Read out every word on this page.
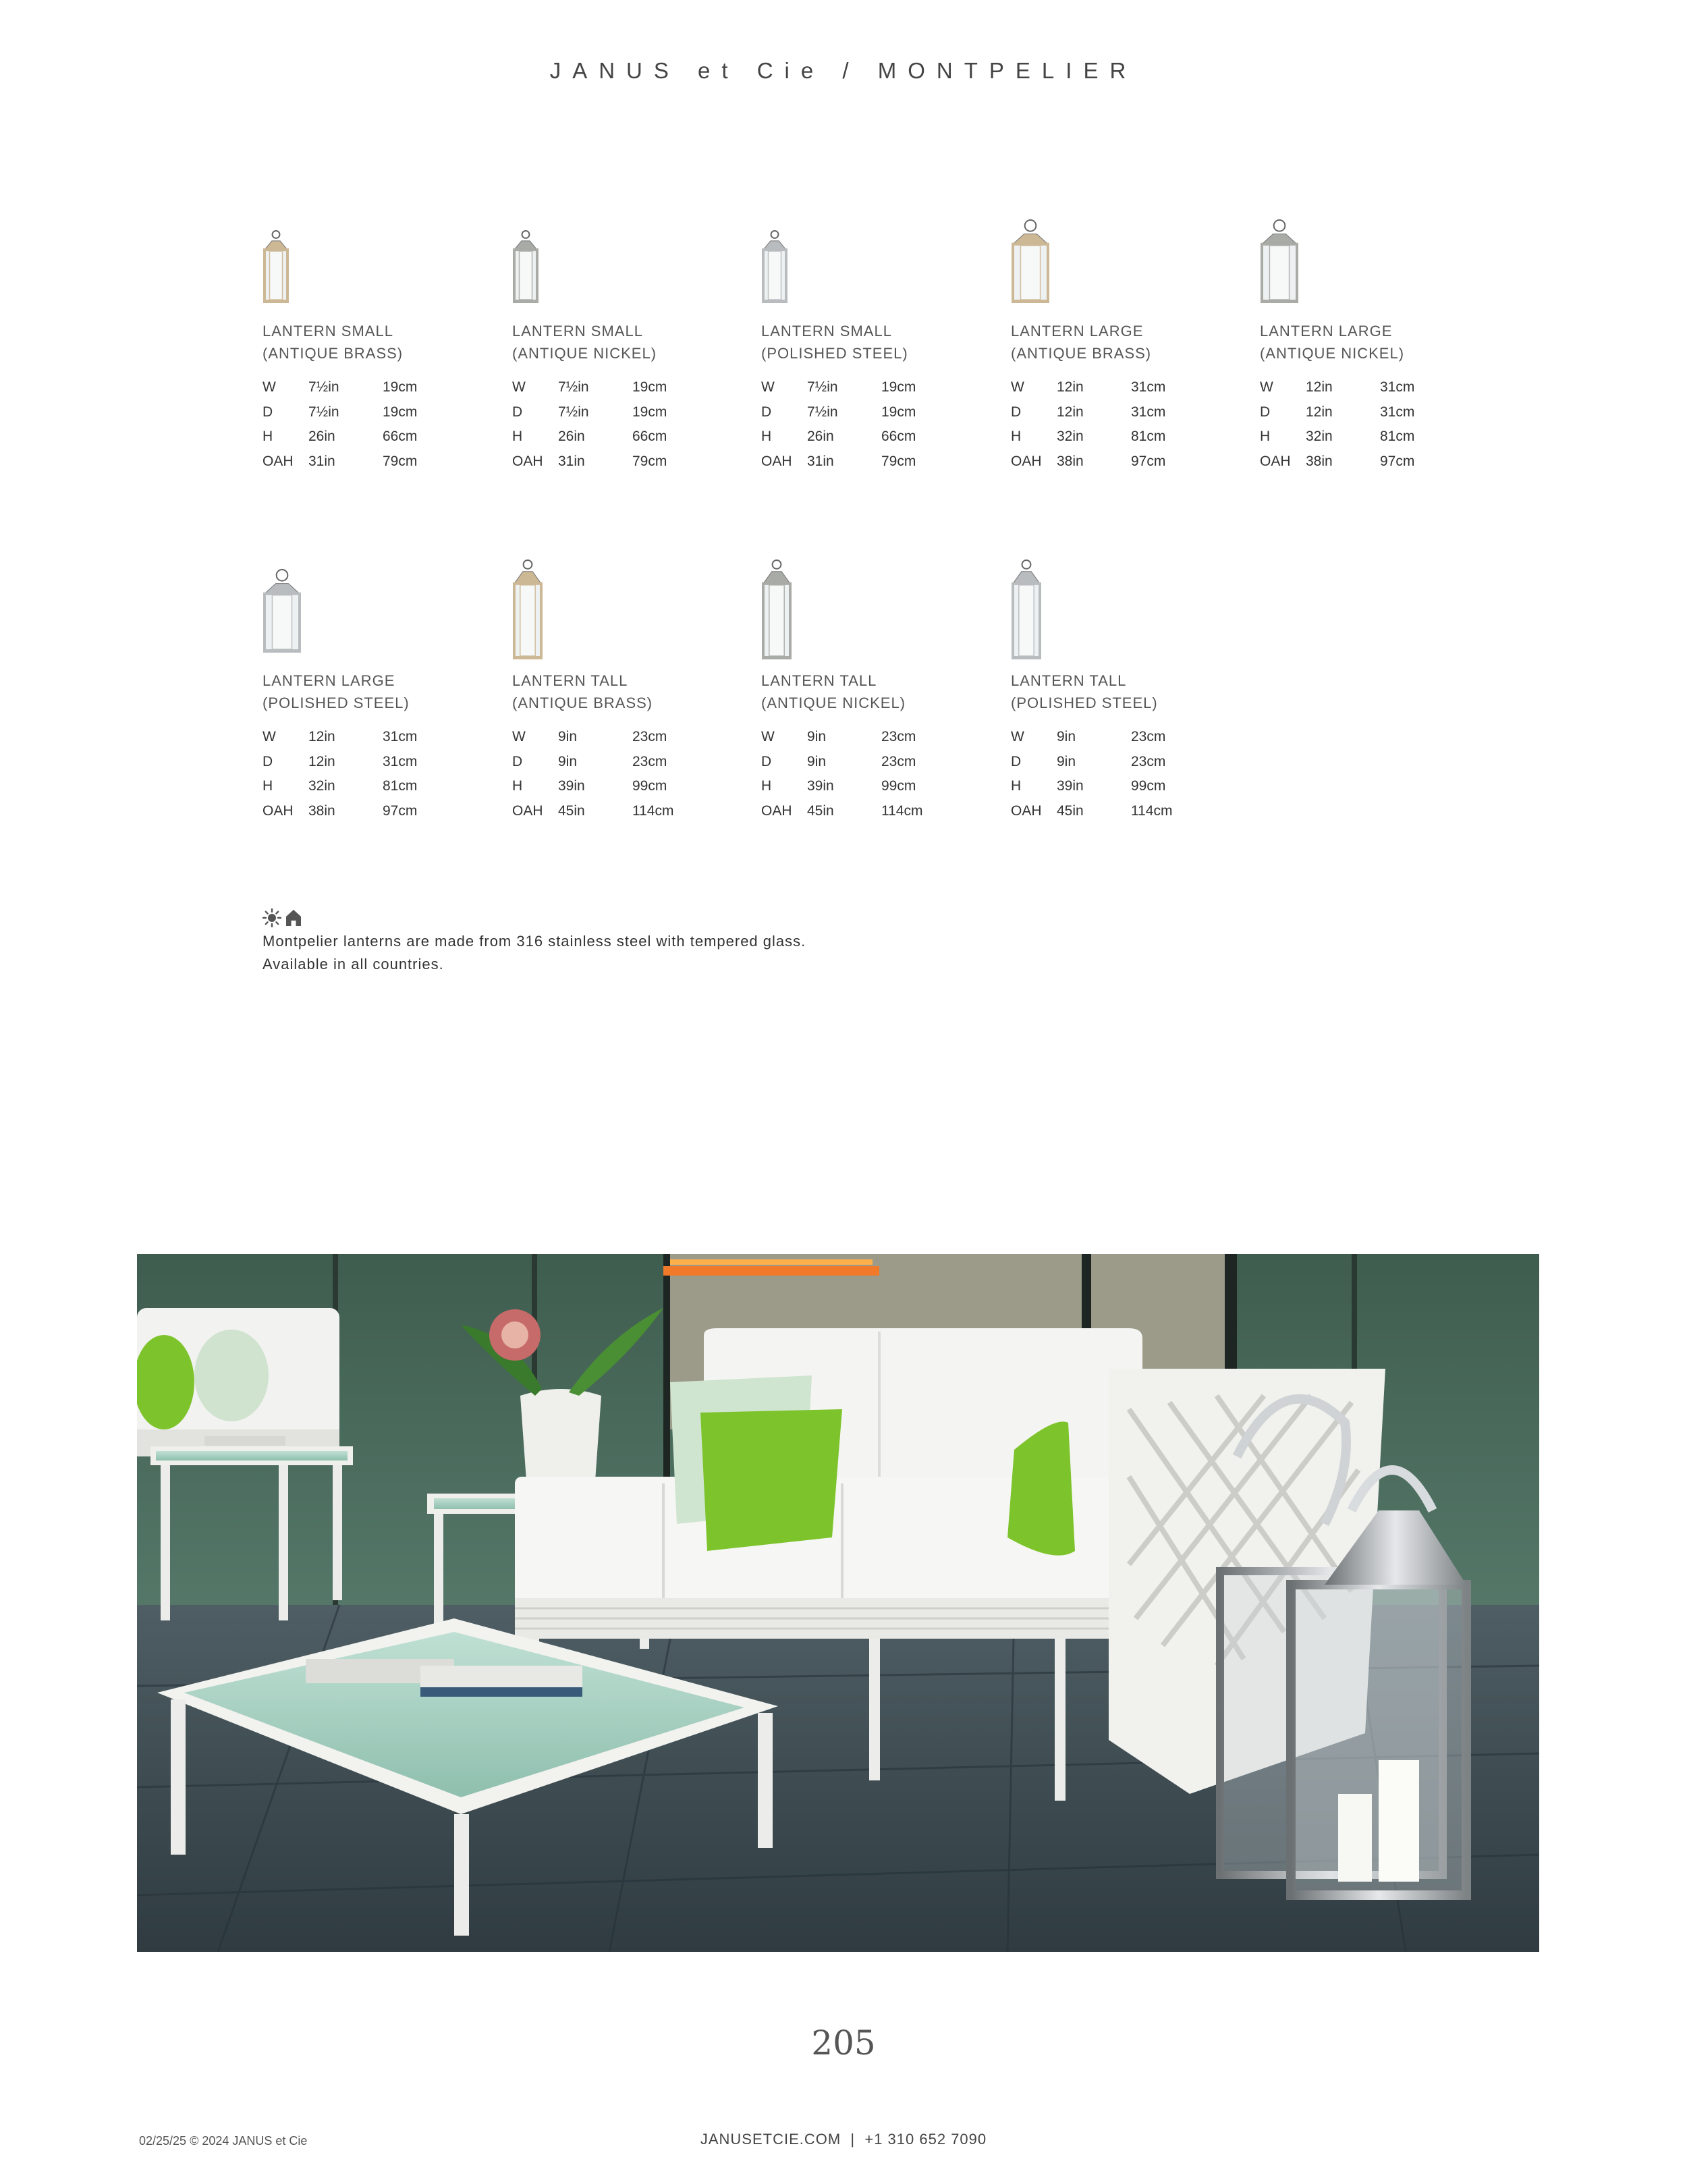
JANUS et Cie / MONTPELIER
LANTERN SMALL
(ANTIQUE BRASS)
W	7½in	19cm
D	7½in	19cm
H	26in	66cm
OAH	31in	79cm
LANTERN SMALL
(ANTIQUE NICKEL)
W	7½in	19cm
D	7½in	19cm
H	26in	66cm
OAH	31in	79cm
LANTERN SMALL
(POLISHED STEEL)
W	7½in	19cm
D	7½in	19cm
H	26in	66cm
OAH	31in	79cm
LANTERN LARGE
(ANTIQUE BRASS)
W	12in	31cm
D	12in	31cm
H	32in	81cm
OAH	38in	97cm
LANTERN LARGE
(ANTIQUE NICKEL)
W	12in	31cm
D	12in	31cm
H	32in	81cm
OAH	38in	97cm
LANTERN LARGE
(POLISHED STEEL)
W	12in	31cm
D	12in	31cm
H	32in	81cm
OAH	38in	97cm
LANTERN TALL
(ANTIQUE BRASS)
W	9in	23cm
D	9in	23cm
H	39in	99cm
OAH	45in	114cm
LANTERN TALL
(ANTIQUE NICKEL)
W	9in	23cm
D	9in	23cm
H	39in	99cm
OAH	45in	114cm
LANTERN TALL
(POLISHED STEEL)
W	9in	23cm
D	9in	23cm
H	39in	99cm
OAH	45in	114cm
Montpelier lanterns are made from 316 stainless steel with tempered glass.
Available in all countries.
205
02/25/25 © 2024 JANUS et Cie	JANUSETCIE.COM  |  +1 310 652 7090
